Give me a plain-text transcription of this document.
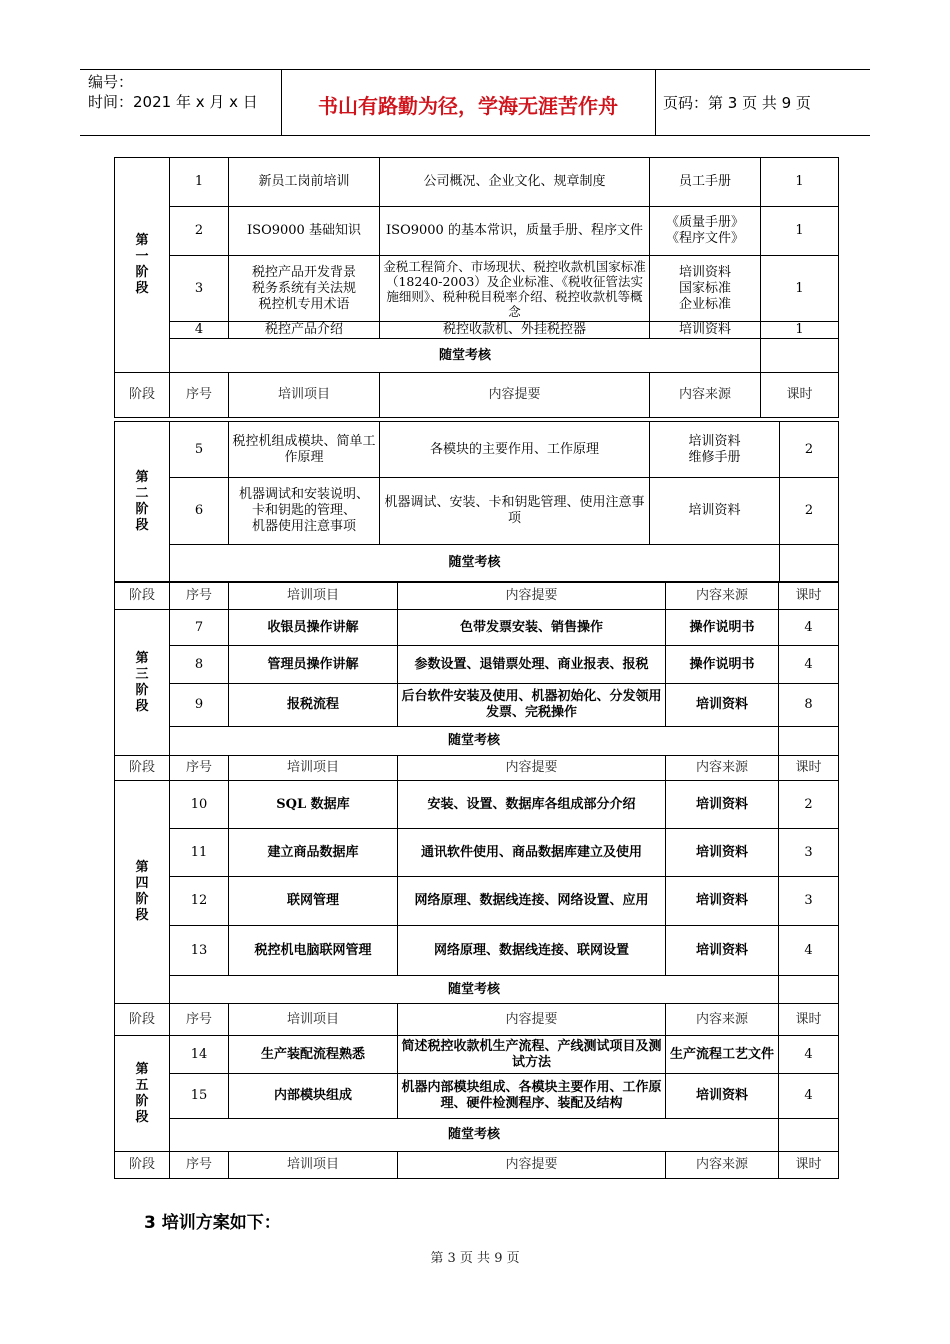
编号：
时间：2021 年 x 月 x 日	书山有路勤为径，学海无涯苦作舟	页码：第 3 页 共 9 页
第一阶段	1	新员工岗前培训	公司概况、企业文化、规章制度	员工手册	1
	2	ISO9000 基础知识	ISO9000 的基本常识，质量手册、程序文件	《质量手册》
《程序文件》	1
	3	税控产品开发背景
税务系统有关法规
税控机专用术语	金税工程简介、市场现状、税控收款机国家标准（18240-2003）及企业标准、《税收征管法实施细则》、税种税目税率介绍、税控收款机等概念	培训资料
国家标准
企业标准	1
	4	税控产品介绍	税控收款机、外挂税控器	培训资料	1
	随堂考核				
阶段	序号	培训项目	内容提要	内容来源	课时
第二阶段	5	税控机组成模块、简单工作原理	各模块的主要作用、工作原理	培训资料
维修手册	2
	6	机器调试和安装说明、
卡和钥匙的管理、
机器使用注意事项	机器调试、安装、卡和钥匙管理、使用注意事项	培训资料	2
	随堂考核				
阶段	序号	培训项目	内容提要	内容来源	课时
第三阶段	7	收银员操作讲解	色带发票安装、销售操作	操作说明书	4
	8	管理员操作讲解	参数设置、退错票处理、商业报表、报税	操作说明书	4
	9	报税流程	后台软件安装及使用、机器初始化、分发领用发票、完税操作	培训资料	8
	随堂考核				
阶段	序号	培训项目	内容提要	内容来源	课时
第四阶段	10	SQL 数据库	安装、设置、数据库各组成部分介绍	培训资料	2
	11	建立商品数据库	通讯软件使用、商品数据库建立及使用	培训资料	3
	12	联网管理	网络原理、数据线连接、网络设置、应用	培训资料	3
	13	税控机电脑联网管理	网络原理、数据线连接、联网设置	培训资料	4
	随堂考核				
阶段	序号	培训项目	内容提要	内容来源	课时
第五阶段	14	生产装配流程熟悉	简述税控收款机生产流程、产线测试项目及测试方法	生产流程工艺文件	4
	15	内部模块组成	机器内部模块组成、各模块主要作用、工作原理、硬件检测程序、装配及结构	培训资料	4
	随堂考核				
阶段	序号	培训项目	内容提要	内容来源	课时
3 培训方案如下：
第 3 页 共 9 页
